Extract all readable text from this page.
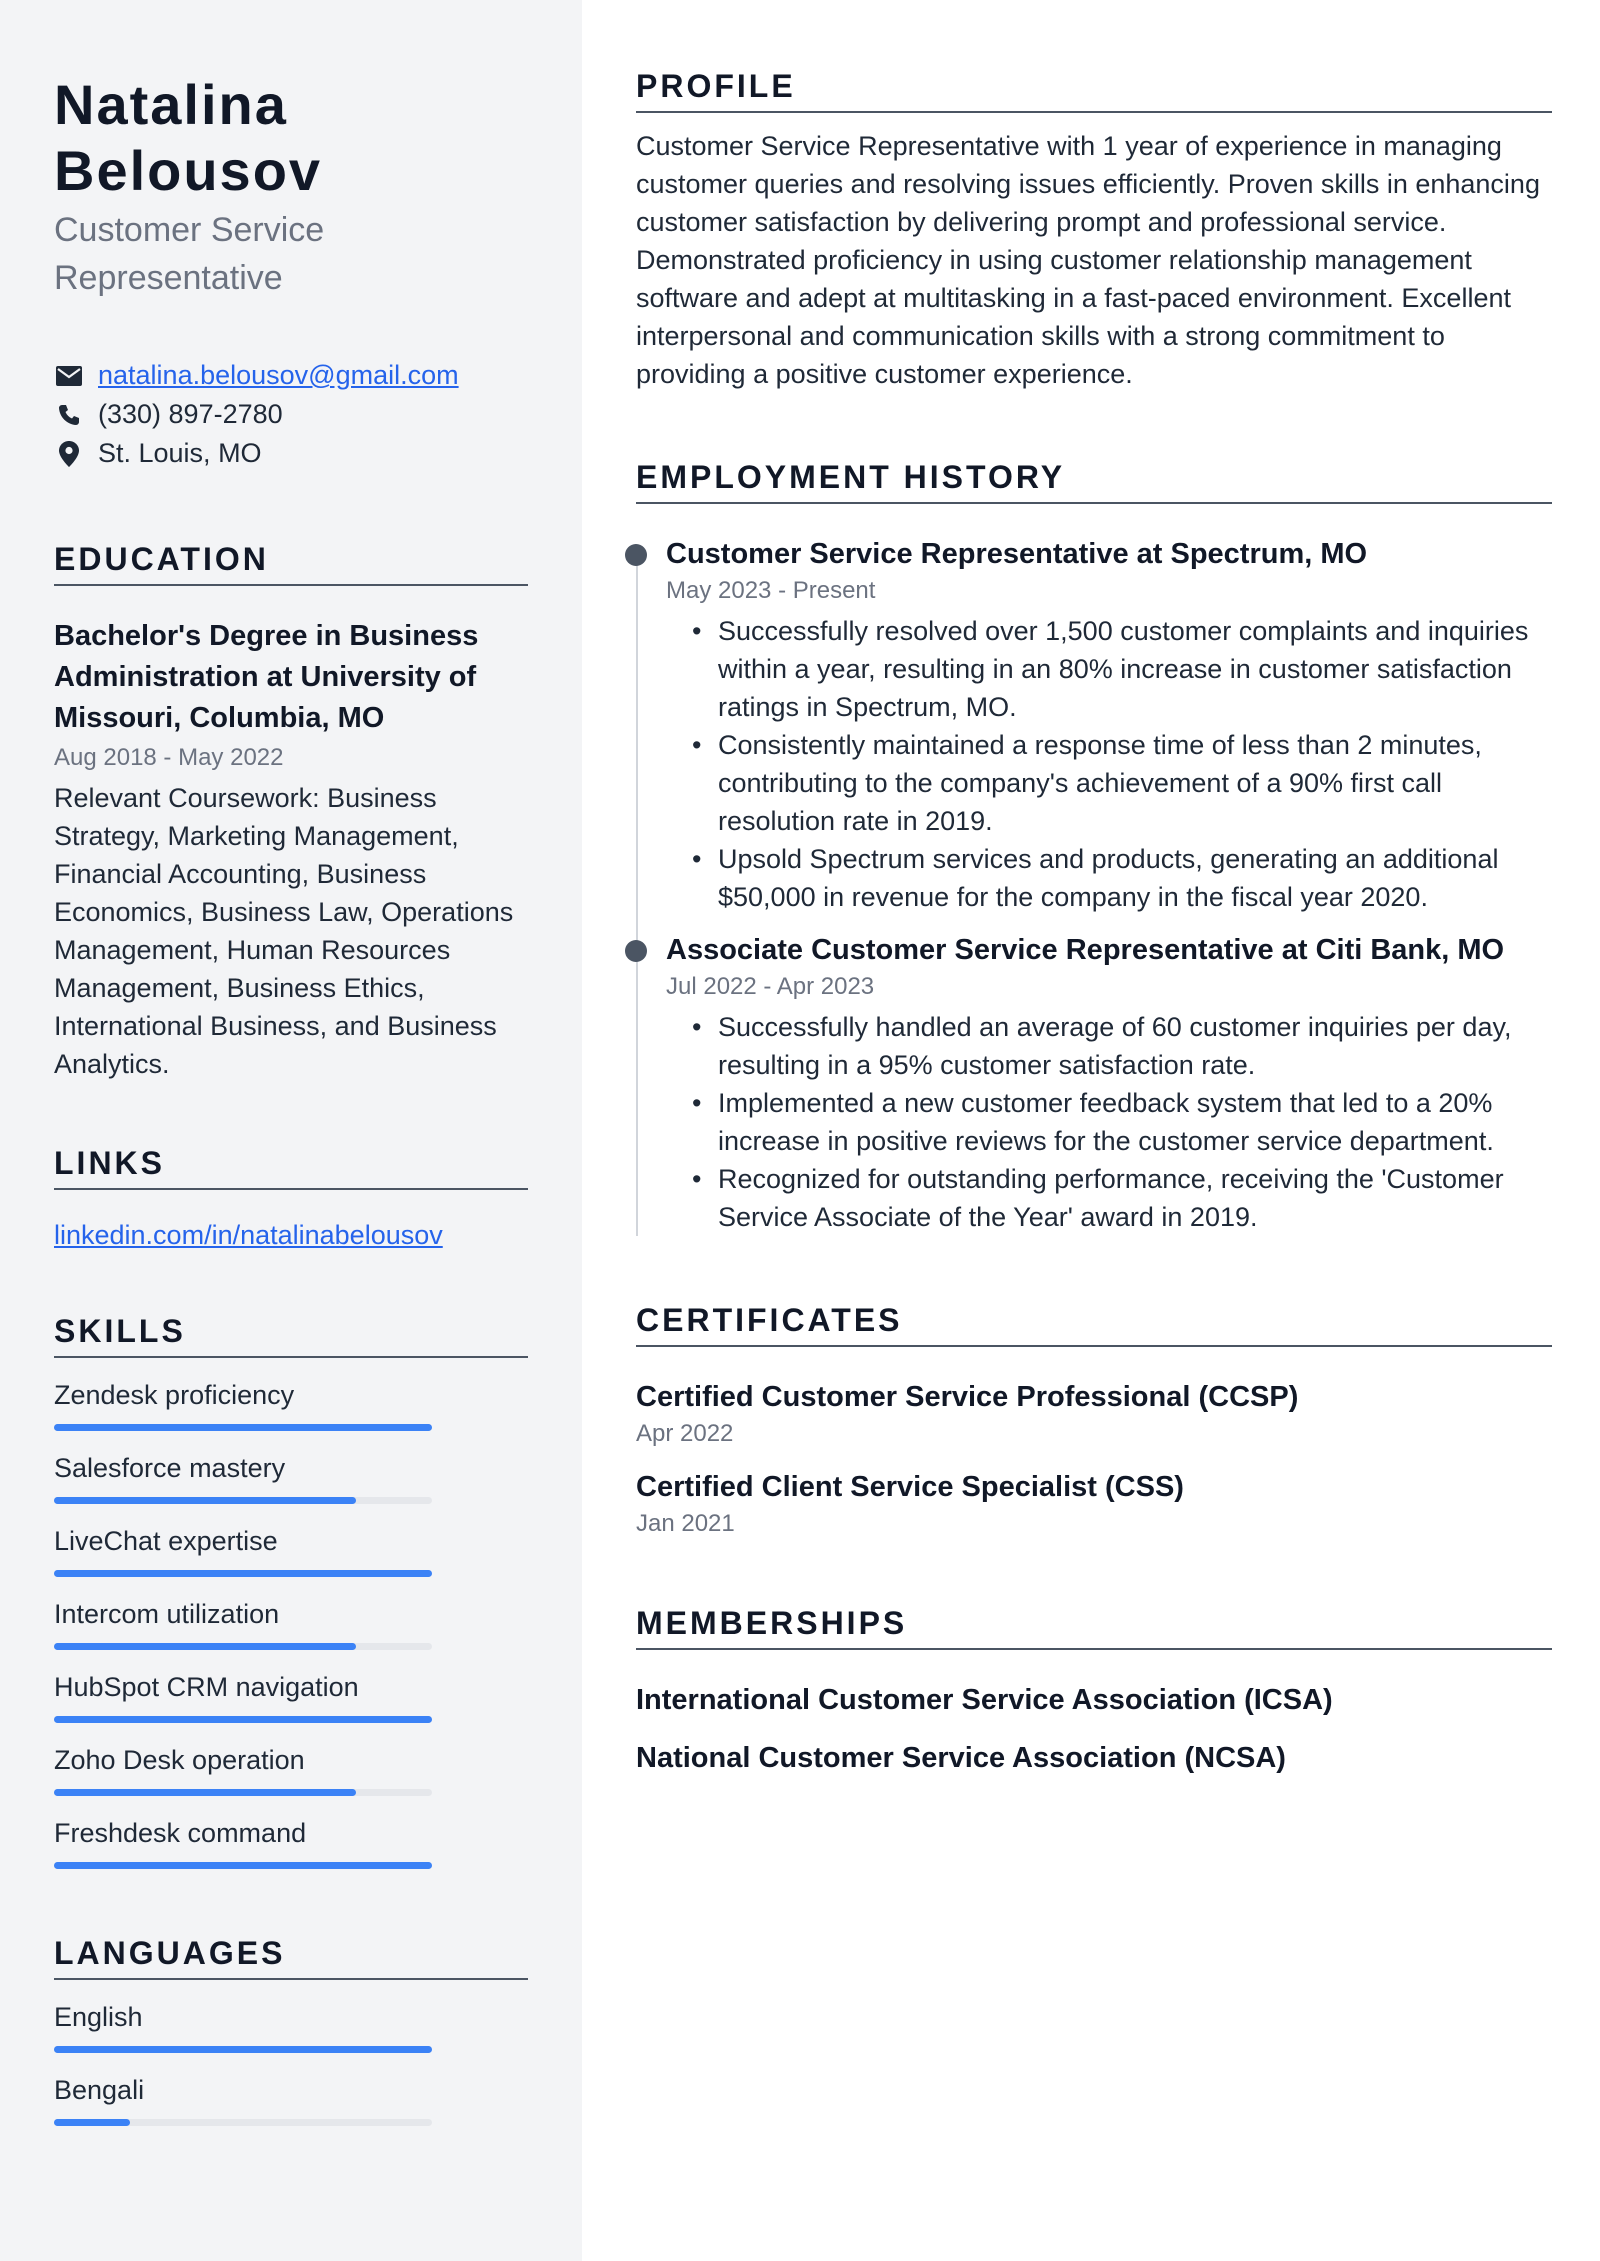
Natalina
Belousov
Customer Service
Representative
natalina.belousov@gmail.com
(330) 897-2780
St. Louis, MO
EDUCATION
Bachelor's Degree in Business
Administration at University of
Missouri, Columbia, MO
Aug 2018 - May 2022
Relevant Coursework: Business
Strategy, Marketing Management,
Financial Accounting, Business
Economics, Business Law, Operations
Management, Human Resources
Management, Business Ethics,
International Business, and Business
Analytics.
LINKS
linkedin.com/in/natalinabelousov
SKILLS
Zendesk proficiency
Salesforce mastery
LiveChat expertise
Intercom utilization
HubSpot CRM navigation
Zoho Desk operation
Freshdesk command
LANGUAGES
English
Bengali
PROFILE
Customer Service Representative with 1 year of experience in managing
customer queries and resolving issues efficiently. Proven skills in enhancing
customer satisfaction by delivering prompt and professional service.
Demonstrated proficiency in using customer relationship management
software and adept at multitasking in a fast-paced environment. Excellent
interpersonal and communication skills with a strong commitment to
providing a positive customer experience.
EMPLOYMENT HISTORY
Customer Service Representative at Spectrum, MO
May 2023 - Present
• Successfully resolved over 1,500 customer complaints and inquiries
within a year, resulting in an 80% increase in customer satisfaction
ratings in Spectrum, MO.
• Consistently maintained a response time of less than 2 minutes,
contributing to the company's achievement of a 90% first call
resolution rate in 2019.
• Upsold Spectrum services and products, generating an additional
$50,000 in revenue for the company in the fiscal year 2020.
Associate Customer Service Representative at Citi Bank, MO
Jul 2022 - Apr 2023
• Successfully handled an average of 60 customer inquiries per day,
resulting in a 95% customer satisfaction rate.
• Implemented a new customer feedback system that led to a 20%
increase in positive reviews for the customer service department.
• Recognized for outstanding performance, receiving the 'Customer
Service Associate of the Year' award in 2019.
CERTIFICATES
Certified Customer Service Professional (CCSP)
Apr 2022
Certified Client Service Specialist (CSS)
Jan 2021
MEMBERSHIPS
International Customer Service Association (ICSA)
National Customer Service Association (NCSA)
